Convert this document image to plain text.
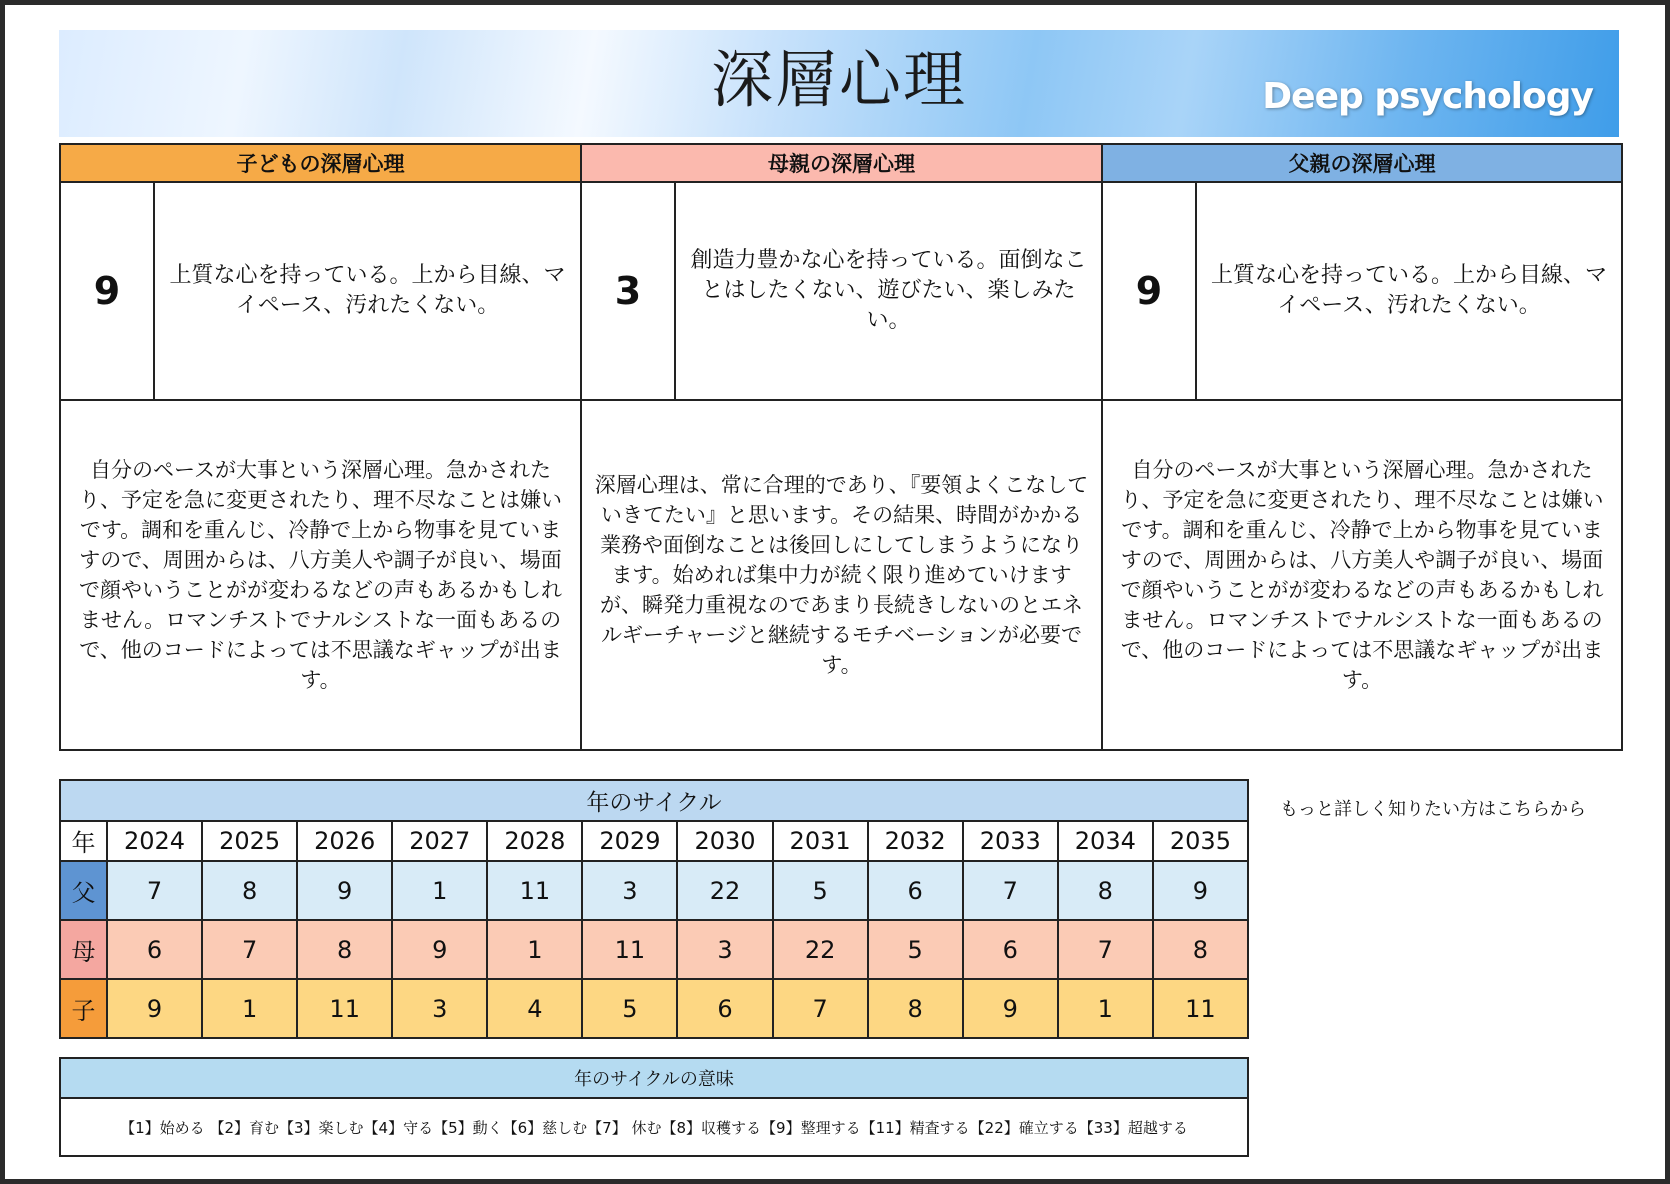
深層心理	Deep psychology
子どもの深層心理		母親の深層心理		父親の深層心理	
9	上質な心を持っている。上から目線、マイペース、汚れたくない。	3	創造力豊かな心を持っている。面倒なことはしたくない、遊びたい、楽しみたい。	9	上質な心を持っている。上から目線、マイペース、汚れたくない。
自分のペースが大事という深層心理。急かされたり、予定を急に変更されたり、理不尽なことは嫌いです。調和を重んじ、冷静で上から物事を見ていますので、周囲からは、八方美人や調子が良い、場面で顔やいうことがが変わるなどの声もあるかもしれません。ロマンチストでナルシストな一面もあるので、他のコードによっては不思議なギャップが出ます。		深層心理は、常に合理的であり、『要領よくこなしていきてたい』と思います。その結果、時間がかかる業務や面倒なことは後回しにしてしまうようになります。始めれば集中力が続く限り進めていけますが、瞬発力重視なのであまり長続きしないのとエネルギーチャージと継続するモチベーションが必要です。		自分のペースが大事という深層心理。急かされたり、予定を急に変更されたり、理不尽なことは嫌いです。調和を重んじ、冷静で上から物事を見ていますので、周囲からは、八方美人や調子が良い、場面で顔やいうことがが変わるなどの声もあるかもしれません。ロマンチストでナルシストな一面もあるので、他のコードによっては不思議なギャップが出ます。	
年のサイクル												
年	2024	2025	2026	2027	2028	2029	2030	2031	2032	2033	2034	2035
父	7	8	9	1	11	3	22	5	6	7	8	9
母	6	7	8	9	1	11	3	22	5	6	7	8
子	9	1	11	3	4	5	6	7	8	9	1	11
年のサイクルの意味
【1】始める 【2】育む【3】楽しむ【4】守る【5】動く【6】慈しむ【7】 休む【8】収穫する【9】整理する【11】精査する【22】確立する【33】超越する
もっと詳しく知りたい方はこちらから
